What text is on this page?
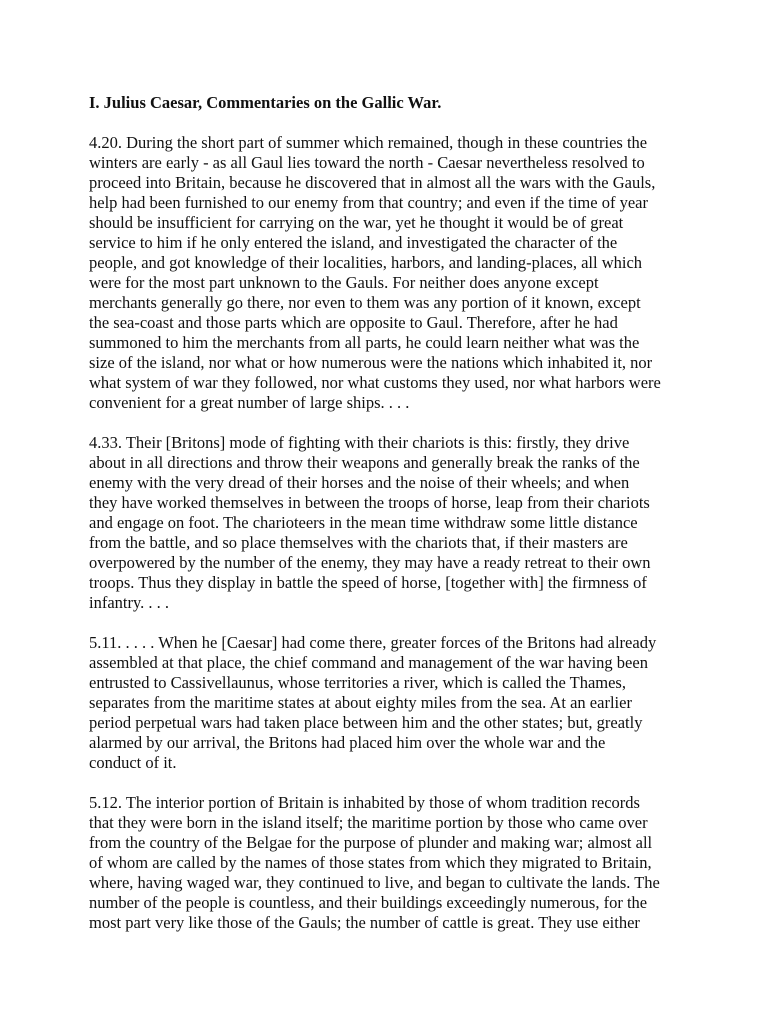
I. Julius Caesar, Commentaries on the Gallic War.
4.20. During the short part of summer which remained, though in these countries the
winters are early - as all Gaul lies toward the north - Caesar nevertheless resolved to
proceed into Britain, because he discovered that in almost all the wars with the Gauls,
help had been furnished to our enemy from that country; and even if the time of year
should be insufficient for carrying on the war, yet he thought it would be of great
service to him if he only entered the island, and investigated the character of the
people, and got knowledge of their localities, harbors, and landing-places, all which
were for the most part unknown to the Gauls. For neither does anyone except
merchants generally go there, nor even to them was any portion of it known, except
the sea-coast and those parts which are opposite to Gaul. Therefore, after he had
summoned to him the merchants from all parts, he could learn neither what was the
size of the island, nor what or how numerous were the nations which inhabited it, nor
what system of war they followed, nor what customs they used, nor what harbors were
convenient for a great number of large ships. . . .
4.33. Their [Britons] mode of fighting with their chariots is this: firstly, they drive
about in all directions and throw their weapons and generally break the ranks of the
enemy with the very dread of their horses and the noise of their wheels; and when
they have worked themselves in between the troops of horse, leap from their chariots
and engage on foot. The charioteers in the mean time withdraw some little distance
from the battle, and so place themselves with the chariots that, if their masters are
overpowered by the number of the enemy, they may have a ready retreat to their own
troops. Thus they display in battle the speed of horse, [together with] the firmness of
infantry. . . .
5.11. . . . . When he [Caesar] had come there, greater forces of the Britons had already
assembled at that place, the chief command and management of the war having been
entrusted to Cassivellaunus, whose territories a river, which is called the Thames,
separates from the maritime states at about eighty miles from the sea. At an earlier
period perpetual wars had taken place between him and the other states; but, greatly
alarmed by our arrival, the Britons had placed him over the whole war and the
conduct of it.
5.12. The interior portion of Britain is inhabited by those of whom tradition records
that they were born in the island itself; the maritime portion by those who came over
from the country of the Belgae for the purpose of plunder and making war; almost all
of whom are called by the names of those states from which they migrated to Britain,
where, having waged war, they continued to live, and began to cultivate the lands. The
number of the people is countless, and their buildings exceedingly numerous, for the
most part very like those of the Gauls; the number of cattle is great. They use either
